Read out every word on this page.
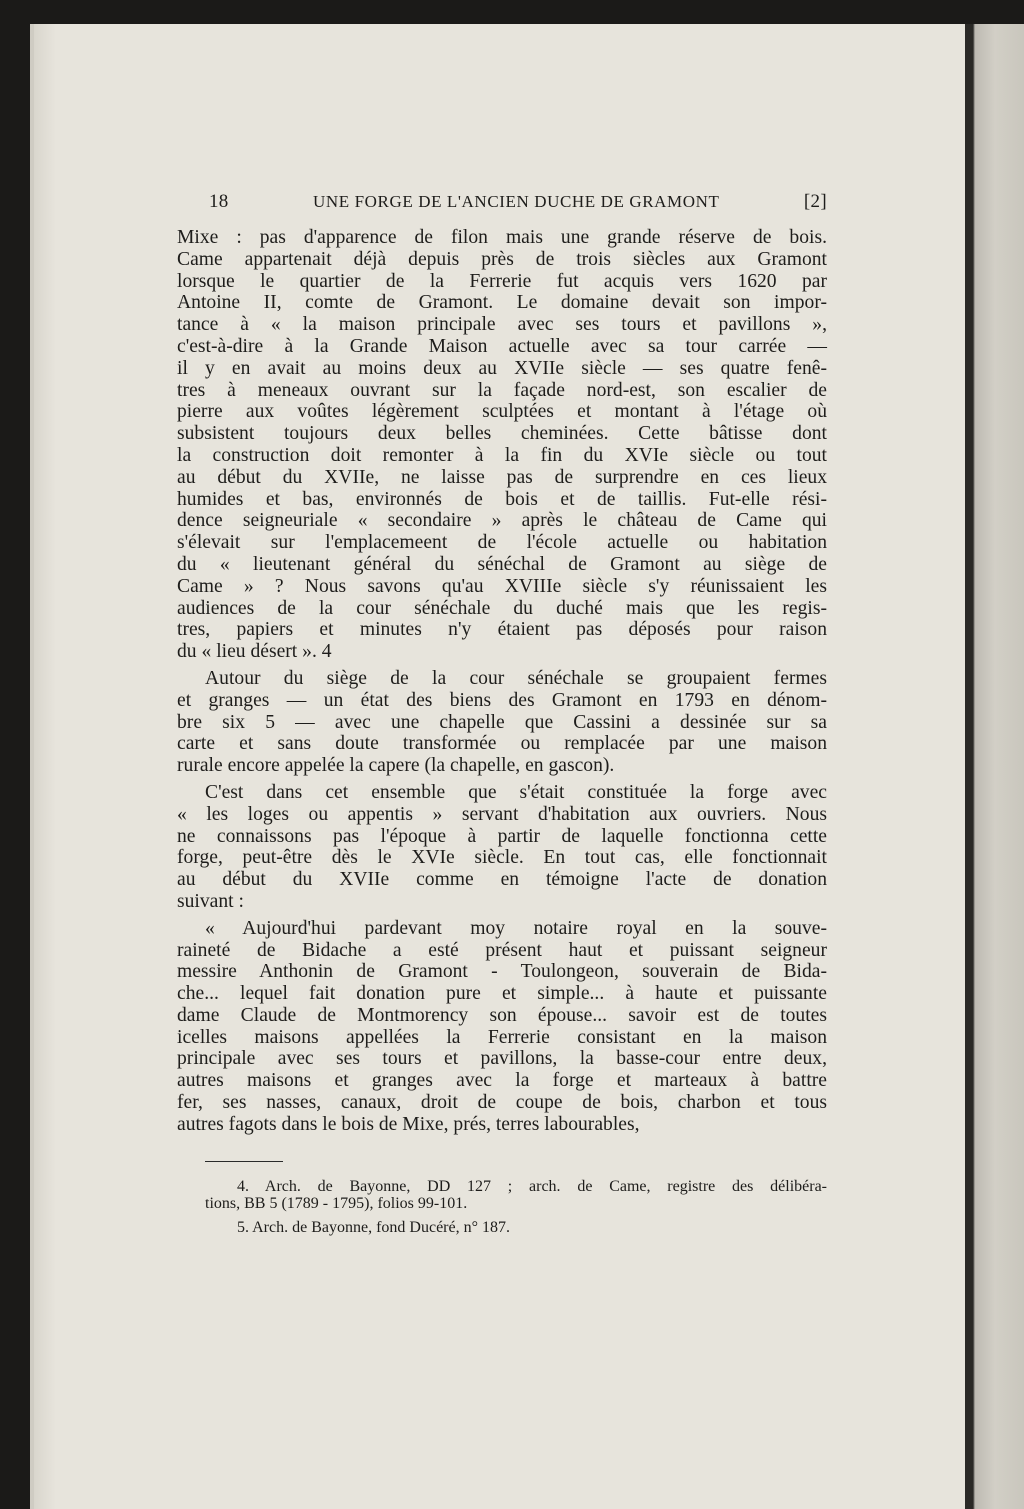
18	UNE FORGE DE L'ANCIEN DUCHE DE GRAMONT	[2]
Mixe : pas d'apparence de filon mais une grande réserve de bois.
Came appartenait déjà depuis près de trois siècles aux Gramont
lorsque le quartier de la Ferrerie fut acquis vers 1620 par
Antoine II, comte de Gramont. Le domaine devait son impor-
tance à « la maison principale avec ses tours et pavillons »,
c'est-à-dire à la Grande Maison actuelle avec sa tour carrée —
il y en avait au moins deux au XVIIe siècle — ses quatre fenê-
tres à meneaux ouvrant sur la façade nord-est, son escalier de
pierre aux voûtes légèrement sculptées et montant à l'étage où
subsistent toujours deux belles cheminées. Cette bâtisse dont
la construction doit remonter à la fin du XVIe siècle ou tout
au début du XVIIe, ne laisse pas de surprendre en ces lieux
humides et bas, environnés de bois et de taillis. Fut-elle rési-
dence seigneuriale « secondaire » après le château de Came qui
s'élevait sur l'emplacemeent de l'école actuelle ou habitation
du « lieutenant général du sénéchal de Gramont au siège de
Came » ? Nous savons qu'au XVIIIe siècle s'y réunissaient les
audiences de la cour sénéchale du duché mais que les regis-
tres, papiers et minutes n'y étaient pas déposés pour raison
du « lieu désert ». 4
Autour du siège de la cour sénéchale se groupaient fermes
et granges — un état des biens des Gramont en 1793 en dénom-
bre six 5 — avec une chapelle que Cassini a dessinée sur sa
carte et sans doute transformée ou remplacée par une maison
rurale encore appelée la capere (la chapelle, en gascon).
C'est dans cet ensemble que s'était constituée la forge avec
« les loges ou appentis » servant d'habitation aux ouvriers. Nous
ne connaissons pas l'époque à partir de laquelle fonctionna cette
forge, peut-être dès le XVIe siècle. En tout cas, elle fonctionnait
au début du XVIIe comme en témoigne l'acte de donation
suivant :
« Aujourd'hui pardevant moy notaire royal en la souve-
raineté de Bidache a esté présent haut et puissant seigneur
messire Anthonin de Gramont - Toulongeon, souverain de Bida-
che... lequel fait donation pure et simple... à haute et puissante
dame Claude de Montmorency son épouse... savoir est de toutes
icelles maisons appellées la Ferrerie consistant en la maison
principale avec ses tours et pavillons, la basse-cour entre deux,
autres maisons et granges avec la forge et marteaux à battre
fer, ses nasses, canaux, droit de coupe de bois, charbon et tous
autres fagots dans le bois de Mixe, prés, terres labourables,
4. Arch. de Bayonne, DD 127 ; arch. de Came, registre des délibéra-
tions, BB 5 (1789 - 1795), folios 99-101.
5. Arch. de Bayonne, fond Ducéré, n° 187.
